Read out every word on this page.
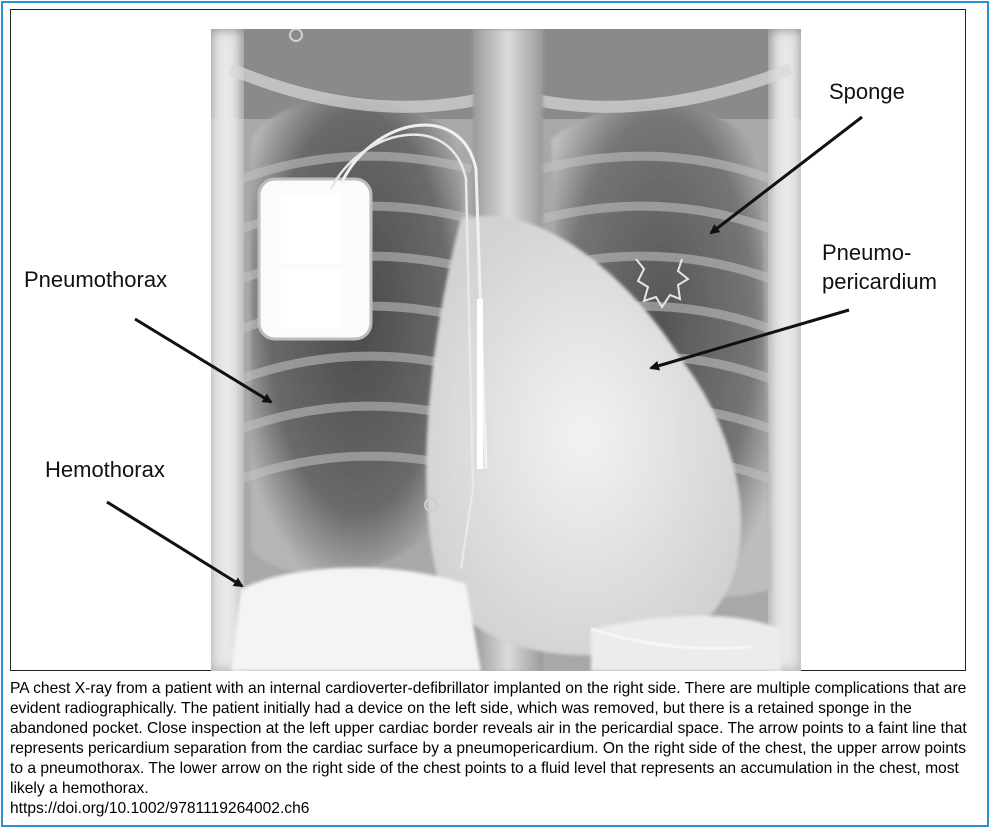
Sponge
Pneumo-
pericardium
Pneumothorax
Hemothorax
PA chest X-ray from a patient with an internal cardioverter-defibrillator implanted on the right side. There are multiple complications that are evident radiographically. The patient initially had a device on the left side, which was removed, but there is a retained sponge in the abandoned pocket. Close inspection at the left upper cardiac border reveals air in the pericardial space. The arrow points to a faint line that represents pericardium separation from the cardiac surface by a pneumopericardium. On the right side of the chest, the upper arrow points to a pneumothorax. The lower arrow on the right side of the chest points to a fluid level that represents an accumulation in the chest, most likely a hemothorax.
https://doi.org/10.1002/9781119264002.ch6
